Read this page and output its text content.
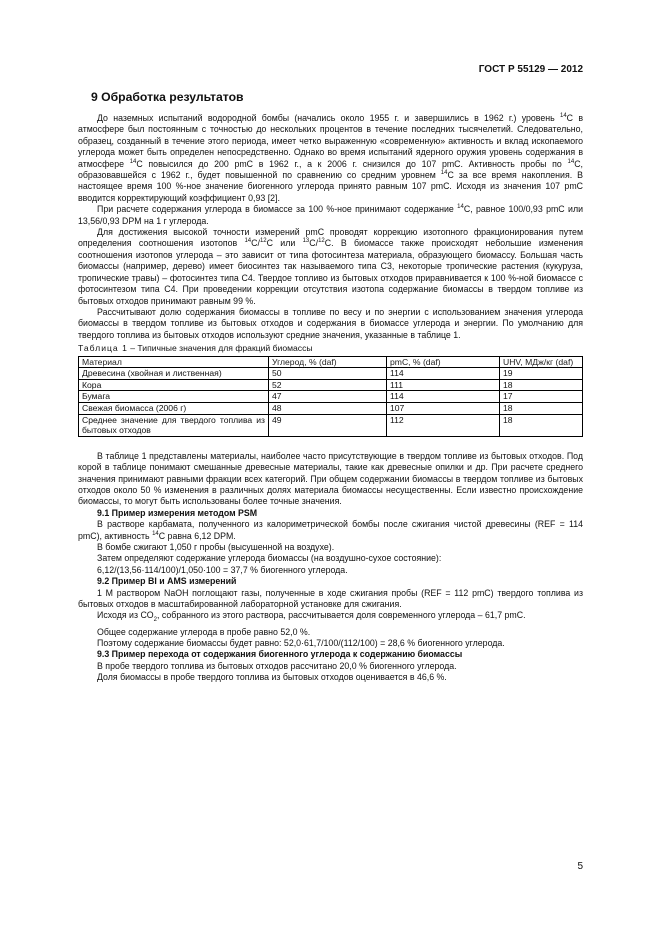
ГОСТ Р 55129 — 2012
9 Обработка результатов

До наземных испытаний водородной бомбы (начались около 1955 г. и завершились в 1962 г.) уровень $^{14}$C в атмосфере был постоянным с точностью до нескольких процентов в течение последних тысячелетий. Следовательно, образец, созданный в течение этого периода, имеет четко выраженную «современную» активность и вклад ископаемого углерода может быть определен непосредственно. Однако во время испытаний ядерного оружия уровень содержания в атмосфере $^{14}$C повысился до 200 pmC в 1962 г., а к 2006 г. снизился до 107 pmC. Активность пробы по $^{14}$C, образовавшейся с 1962 г., будет повышенной по сравнению со средним уровнем $^{14}$C за все время накопления. В настоящее время 100 %-ное значение биогенного углерода принято равным 107 pmC. Исходя из значения 107 pmC вводится корректирующий коэффициент 0,93 [2].

При расчете содержания углерода в биомассе за 100 %-ное принимают содержание $^{14}$C, равное 100/0,93 pmC или 13,56/0,93 DPM на 1 г углерода.

Для достижения высокой точности измерений pmC проводят коррекцию изотопного фракционирования путем определения соотношения изотопов $^{14}$C/$^{12}$C или $^{13}$C/$^{12}$C. В биомассе также происходят небольшие изменения соотношения изотопов углерода – это зависит от типа фотосинтеза материала, образующего биомассу. Большая часть биомассы (например, дерево) имеет биосинтез так называемого типа С3, некоторые тропические растения (кукуруза, тропические травы) – фотосинтез типа С4. Твердое топливо из бытовых отходов приравнивается к 100 %-ной биомассе с фотосинтезом типа С4. При проведении коррекции отсутствия изотопа содержание биомассы в твердом топливе из бытовых отходов принимают равным 99 %.

Рассчитывают долю содержания биомассы в топливе по весу и по энергии с использованием значения углерода биомассы в твердом топливе из бытовых отходов и содержания в биомассе углерода и энергии. По умолчанию для твердого топлива из бытовых отходов используют средние значения, указанные в таблице 1.

Таблица 1 – Типичные значения для фракций биомассы
Материал	Углерод, % (daf)	pmC, % (daf)	UHV, МДж/кг (daf)
Древесина (хвойная и лиственная)	50	114	19
Кора	52	111	18
Бумага	47	114	17
Свежая биомасса (2006 г)	48	107	18
Среднее значение для твердого топлива из бытовых отходов	49	112	18

В таблице 1 представлены материалы, наиболее часто присутствующие в твердом топливе из бытовых отходов. Под корой в таблице понимают смешанные древесные материалы, такие как древесные опилки и др. При расчете среднего значения принимают равными фракции всех категорий. При общем содержании биомассы в твердом топливе из бытовых отходов около 50 % изменения в различных долях материала биомассы несущественны. Если известно происхождение биомассы, то могут быть использованы более точные значения.

9.1 Пример измерения методом PSM

В растворе карбамата, полученного из калориметрической бомбы после сжигания чистой древесины (REF = 114 pmC), активность $^{14}$C равна 6,12 DPM.

В бомбе сжигают 1,050 г пробы (высушенной на воздухе).

Затем определяют содержание углерода биомассы (на воздушно-сухое состояние):

6,12/(13,56·114/100)/1,050·100 = 37,7 % биогенного углерода.

9.2 Пример BI и AMS измерений

1 М раствором NaOH поглощают газы, полученные в ходе сжигания пробы (REF = 112 pmC) твердого топлива из бытовых отходов в масштабированной лабораторной установке для сжигания.

Исходя из $CO_2$, собранного из этого раствора, рассчитывается доля современного углерода – 61,7 pmC.

Общее содержание углерода в пробе равно 52,0 %.

Поэтому содержание биомассы будет равно: 52,0·61,7/100/(112/100) = 28,6 % биогенного углерода.

9.3 Пример перехода от содержания биогенного углерода к содержанию биомассы

В пробе твердого топлива из бытовых отходов рассчитано 20,0 % биогенного углерода.

Доля биомассы в пробе твердого топлива из бытовых отходов оценивается в 46,6 %.

5
